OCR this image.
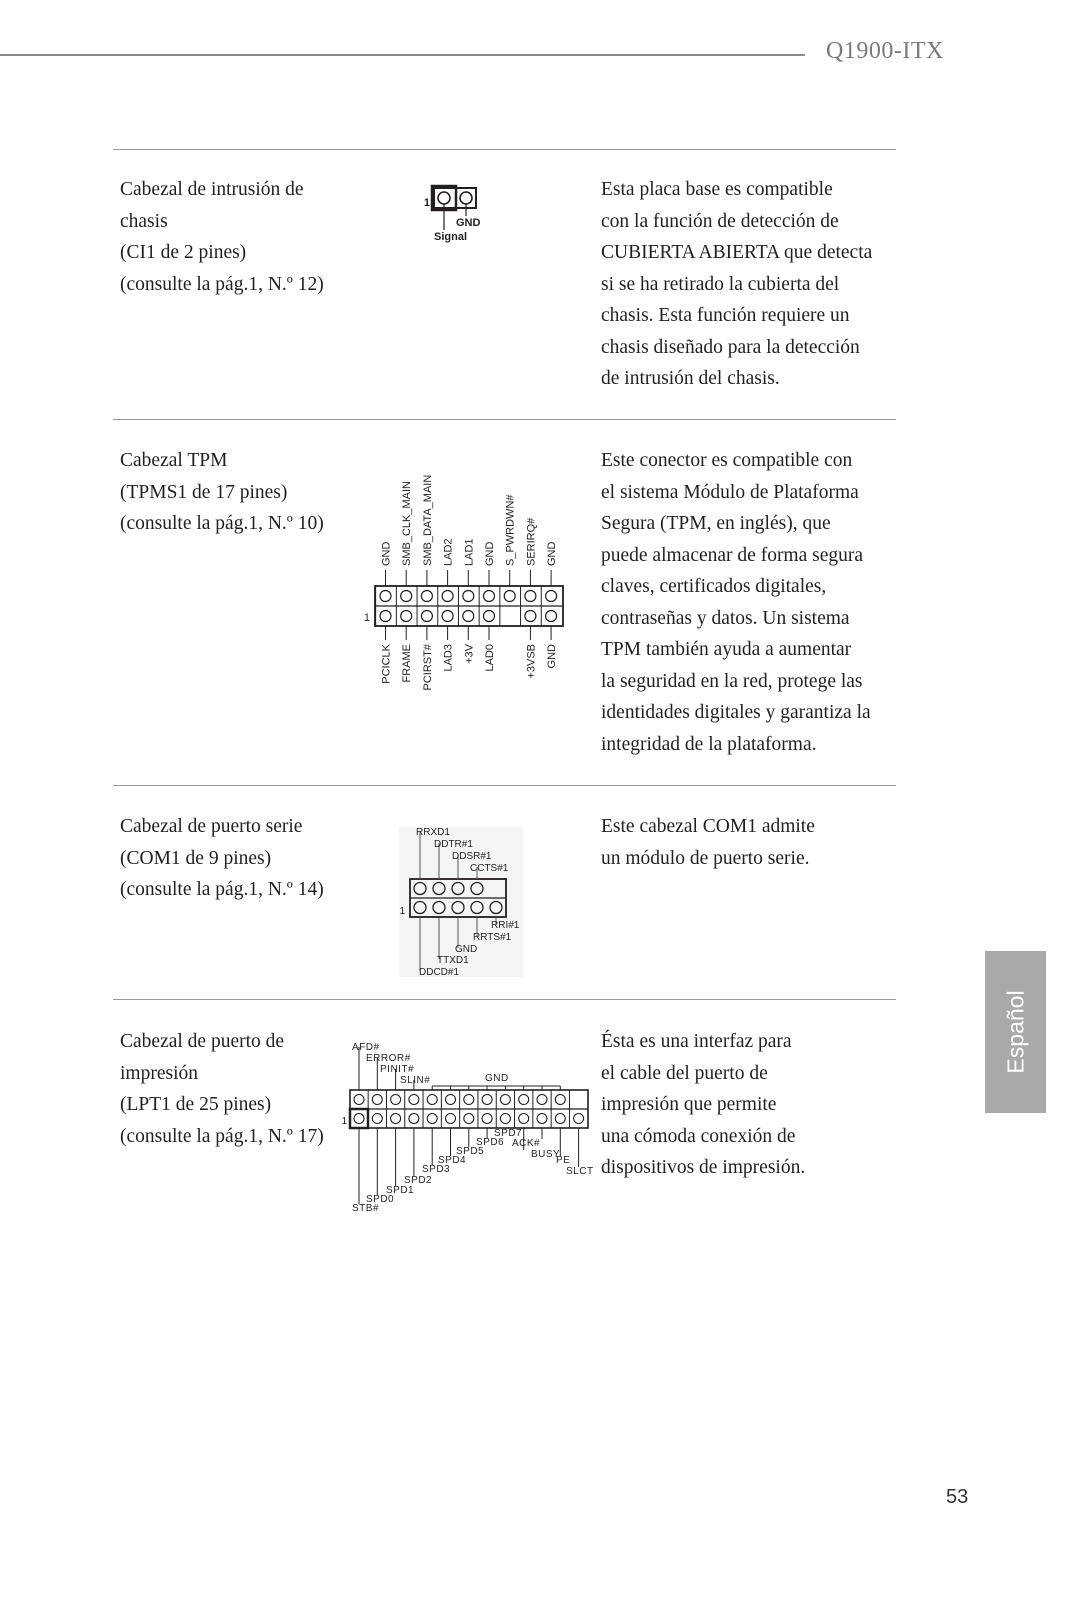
Q1900-ITX
Cabezal de intrusión de
chasis
(CI1 de 2 pines)
(consulte la pág.1, N.º 12)
1
GND
Signal
Esta placa base es compatible
con la función de detección de
CUBIERTA ABIERTA que detecta
si se ha retirado la cubierta del
chasis. Esta función requiere un
chasis diseñado para la detección
de intrusión del chasis.
Cabezal TPM
(TPMS1 de 17 pines)
(consulte la pág.1, N.º 10)
GND SMB_CLK_MAIN SMB_DATA_MAIN LAD2 LAD1 GND S_PWRDWN# SERIRQ# GND
PCICLK FRAME PCIRST# LAD3 +3V LAD0	+3VSB GND
1
Este conector es compatible con
el sistema Módulo de Plataforma
Segura (TPM, en inglés), que
puede almacenar de forma segura
claves, certificados digitales,
contraseñas y datos. Un sistema
TPM también ayuda a aumentar
la seguridad en la red, protege las
identidades digitales y garantiza la
integridad de la plataforma.
Cabezal de puerto serie
(COM1 de 9 pines)
(consulte la pág.1, N.º 14)
RRXD1
DDTR#1
DDSR#1
CCTS#1
RRI#1
RRTS#1
GND
TTXD1
DDCD#1
1
Este cabezal COM1 admite
un módulo de puerto serie.
Cabezal de puerto de
impresión
(LPT1 de 25 pines)
(consulte la pág.1, N.º 17)
AFD#
ERROR#
PINIT#
SLIN#	GND
SPD7
SPD6 ACK#
SPD5	BUSY
SPD4	PE
SPD3	SLCT
SPD2
SPD1
SPD0
STB#
1
Ésta es una interfaz para
el cable del puerto de
impresión que permite
una cómoda conexión de
dispositivos de impresión.
Español
53
